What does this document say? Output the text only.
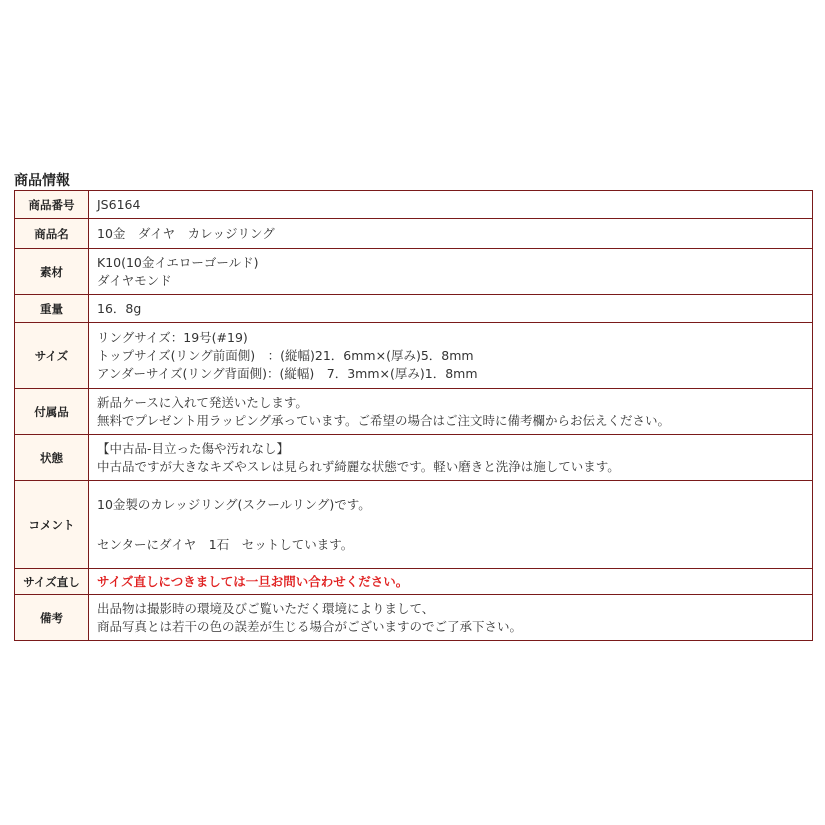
商品情報
商品番号	JS6164

商品名	10金　ダイヤ　カレッジリング

素材	K10(10金イエローゴールド)
ダイヤモンド

重量	16．8g

サイズ	リングサイズ：19号(#19)
トップサイズ(リング前面側)　：(縦幅)21．6mm×(厚み)5．8mm
アンダーサイズ(リング背面側)：(縦幅)　7．3mm×(厚み)1．8mm

付属品	新品ケースに入れて発送いたします。
無料でプレゼント用ラッピング承っています。ご希望の場合はご注文時に備考欄からお伝えください。

状態	【中古品-目立った傷や汚れなし】
中古品ですが大きなキズやスレは見られず綺麗な状態です。軽い磨きと洗浄は施しています。

コメント	10金製のカレッジリング(スクールリング)です。

センターにダイヤ　1石　セットしています。

サイズ直し	サイズ直しにつきましては一旦お問い合わせください。

備考	出品物は撮影時の環境及びご覧いただく環境によりまして、
商品写真とは若干の色の誤差が生じる場合がございますのでご了承下さい。
